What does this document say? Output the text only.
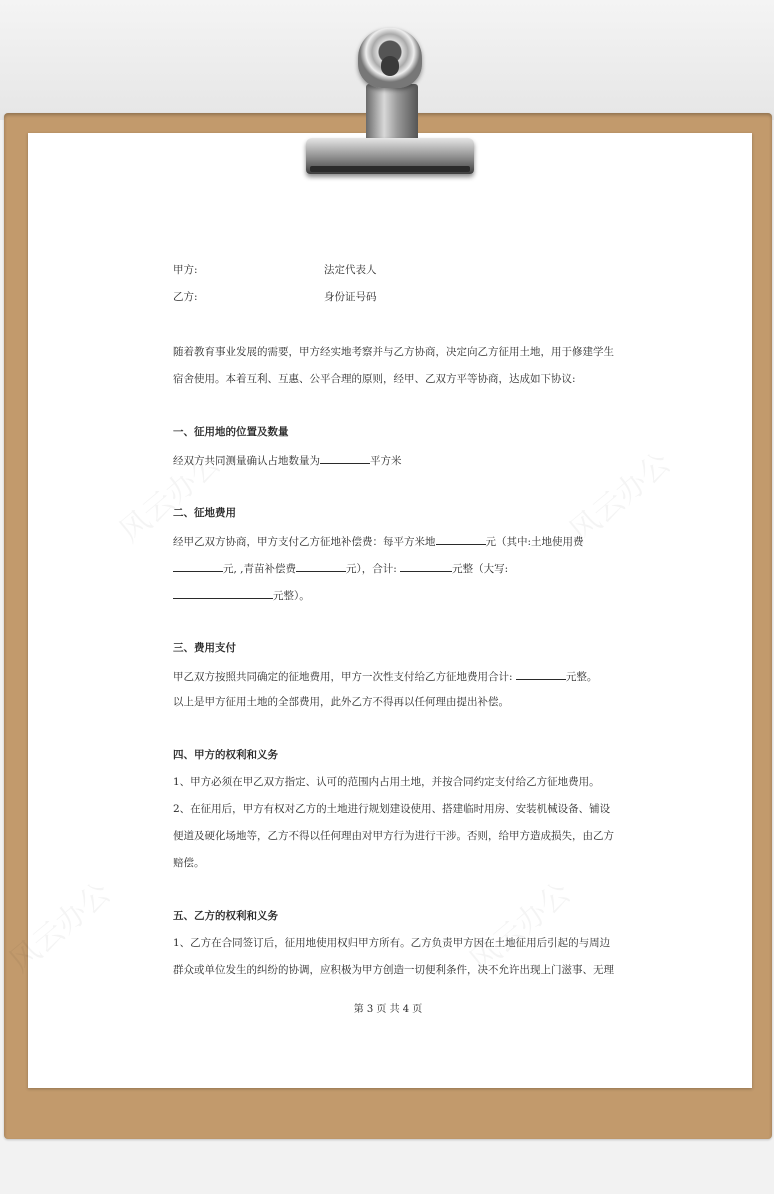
甲方:	法定代表人
乙方:	身份证号码
随着教育事业发展的需要，甲方经实地考察并与乙方协商，决定向乙方征用土地，用于修建学生
宿舍使用。本着互利、互惠、公平合理的原则，经甲、乙双方平等协商，达成如下协议:
一、征用地的位置及数量
经双方共同测量确认占地数量为	平方米
二、征地费用
经甲乙双方协商，甲方支付乙方征地补偿费：每平方米地	元（其中:土地使用费
元, ,青苗补偿费	元），合计:	元整（大写:
元整）。
三、费用支付
甲乙双方按照共同确定的征地费用，甲方一次性支付给乙方征地费用合计:	元整。
以上是甲方征用土地的全部费用，此外乙方不得再以任何理由提出补偿。
四、甲方的权利和义务
1、甲方必须在甲乙双方指定、认可的范围内占用土地，并按合同约定支付给乙方征地费用。
2、在征用后，甲方有权对乙方的土地进行规划建设使用、搭建临时用房、安装机械设备、铺设
便道及硬化场地等，乙方不得以任何理由对甲方行为进行干涉。否则，给甲方造成损失，由乙方
赔偿。
五、乙方的权利和义务
1、乙方在合同签订后，征用地使用权归甲方所有。乙方负责甲方因在土地征用后引起的与周边
群众或单位发生的纠纷的协调，应积极为甲方创造一切便利条件，决不允许出现上门滋事、无理
第 3 页 共 4 页
